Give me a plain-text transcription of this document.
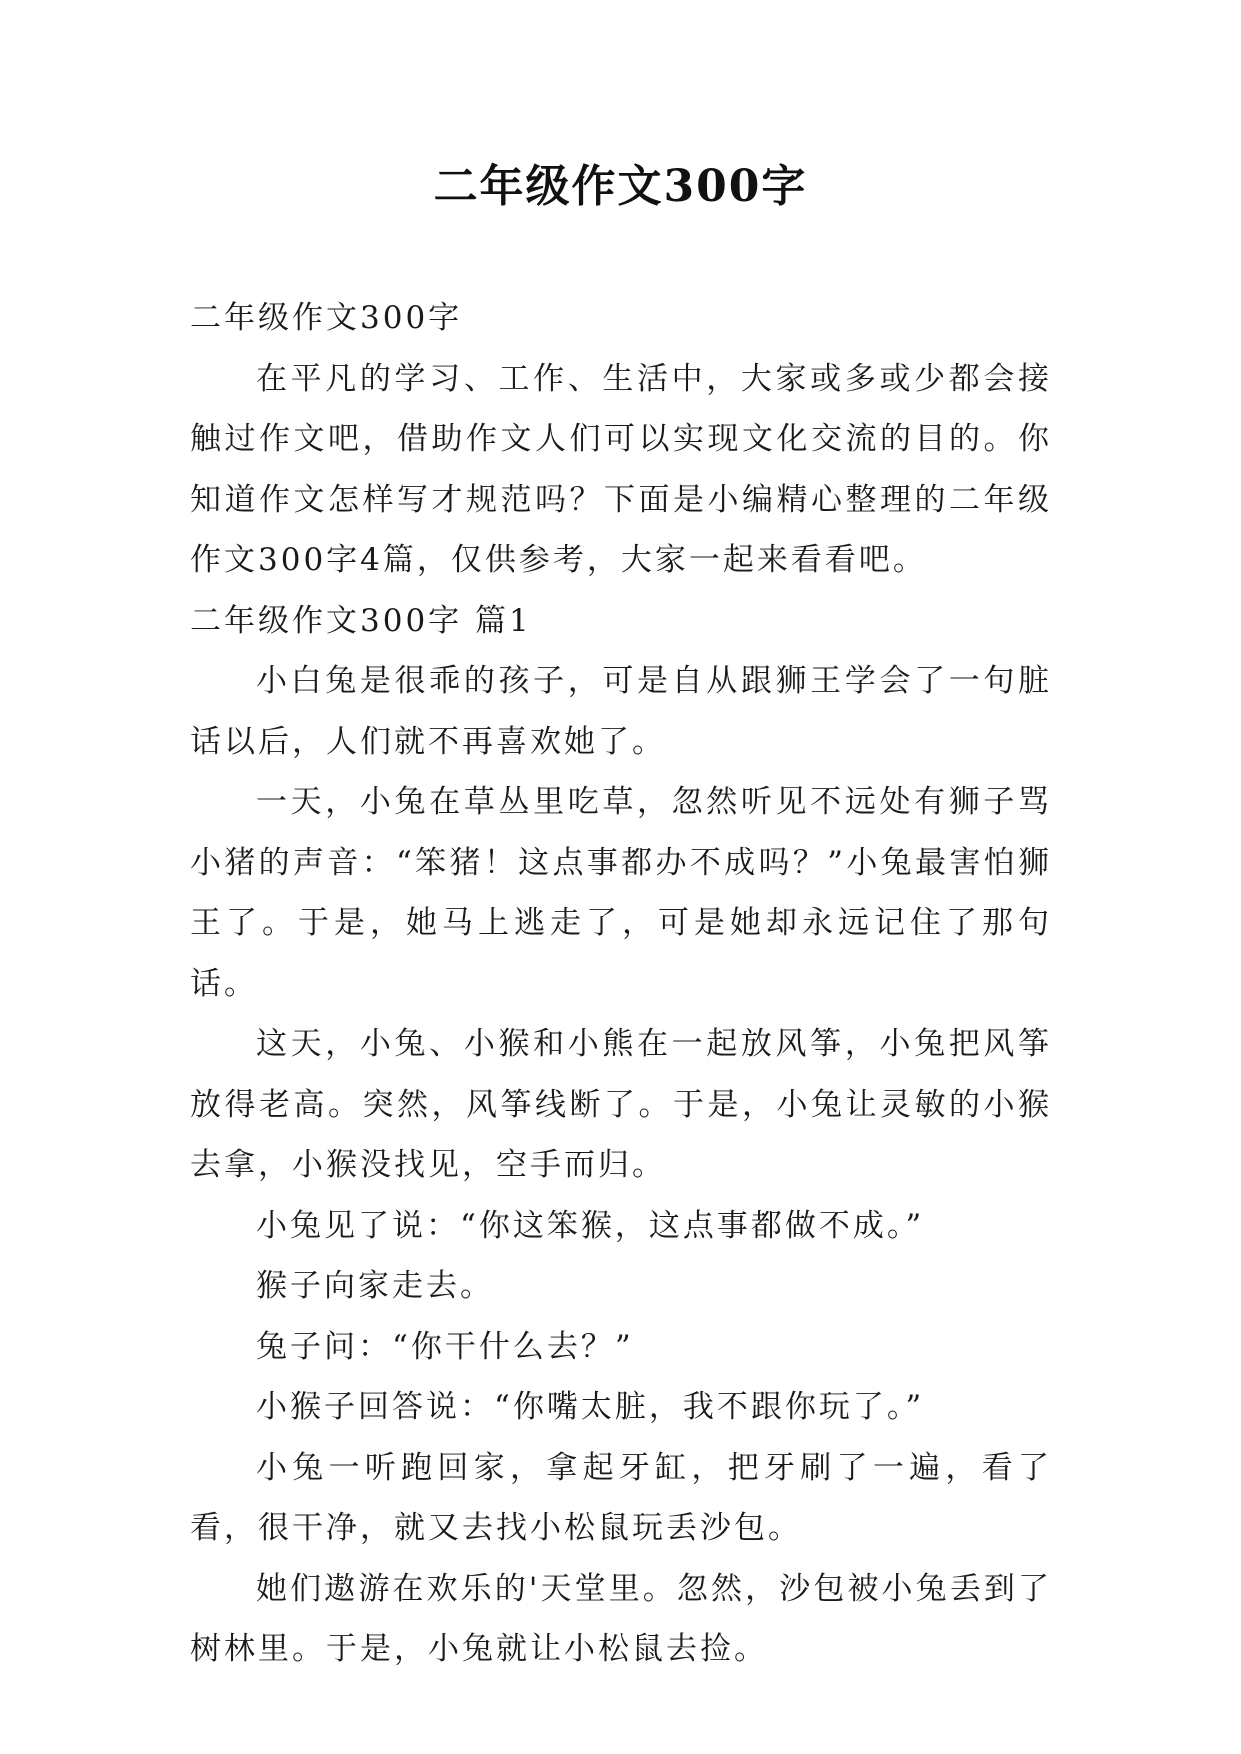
二年级作文300字

二年级作文300字

在平凡的学习、工作、生活中，大家或多或少都会接触过作文吧，借助作文人们可以实现文化交流的目的。你知道作文怎样写才规范吗？下面是小编精心整理的二年级作文300字4篇，仅供参考，大家一起来看看吧。

二年级作文300字 篇1

小白兔是很乖的孩子，可是自从跟狮王学会了一句脏话以后，人们就不再喜欢她了。

一天，小兔在草丛里吃草，忽然听见不远处有狮子骂小猪的声音：“笨猪！这点事都办不成吗？”小兔最害怕狮王了。于是，她马上逃走了，可是她却永远记住了那句话。

这天，小兔、小猴和小熊在一起放风筝，小兔把风筝放得老高。突然，风筝线断了。于是，小兔让灵敏的小猴去拿，小猴没找见，空手而归。

小兔见了说：“你这笨猴，这点事都做不成。”

猴子向家走去。

兔子问：“你干什么去？”

小猴子回答说：“你嘴太脏，我不跟你玩了。”

小兔一听跑回家，拿起牙缸，把牙刷了一遍，看了看，很干净，就又去找小松鼠玩丢沙包。

她们遨游在欢乐的'天堂里。忽然，沙包被小兔丢到了树林里。于是，小兔就让小松鼠去捡。
